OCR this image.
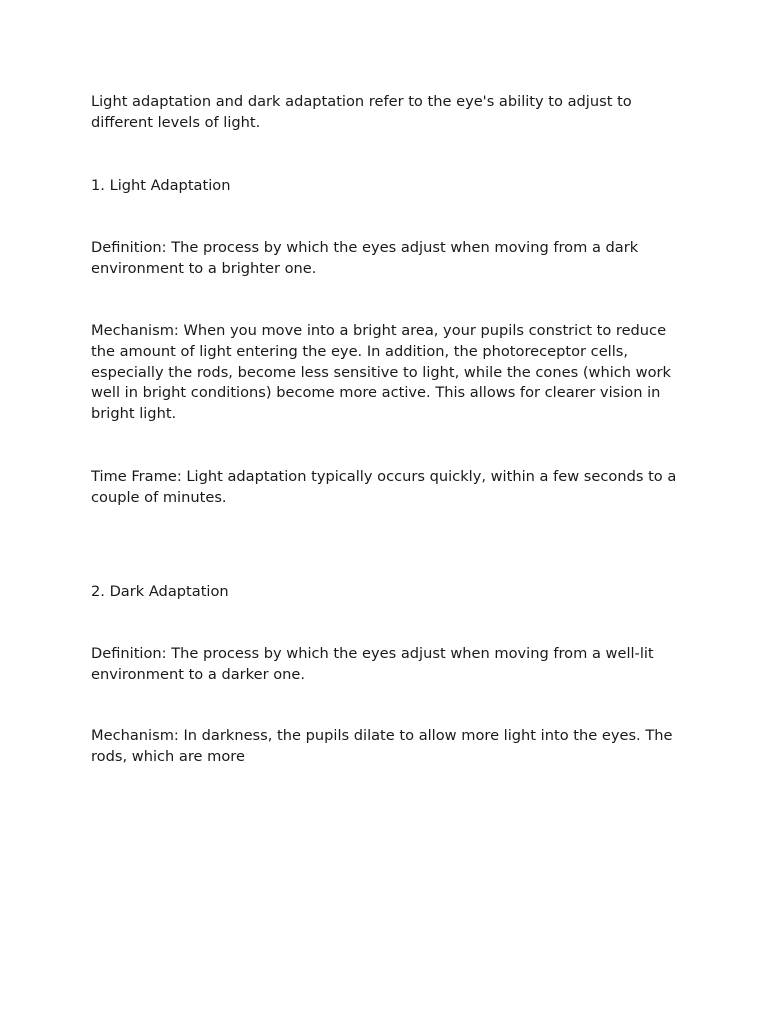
Light adaptation and dark adaptation refer to the eye's ability to adjust to different levels of light.

1. Light Adaptation

Definition: The process by which the eyes adjust when moving from a dark environment to a brighter one.

Mechanism: When you move into a bright area, your pupils constrict to reduce the amount of light entering the eye. In addition, the photoreceptor cells, especially the rods, become less sensitive to light, while the cones (which work well in bright conditions) become more active. This allows for clearer vision in bright light.

Time Frame: Light adaptation typically occurs quickly, within a few seconds to a couple of minutes.

2. Dark Adaptation

Definition: The process by which the eyes adjust when moving from a well-lit environment to a darker one.

Mechanism: In darkness, the pupils dilate to allow more light into the eyes. The rods, which are more
